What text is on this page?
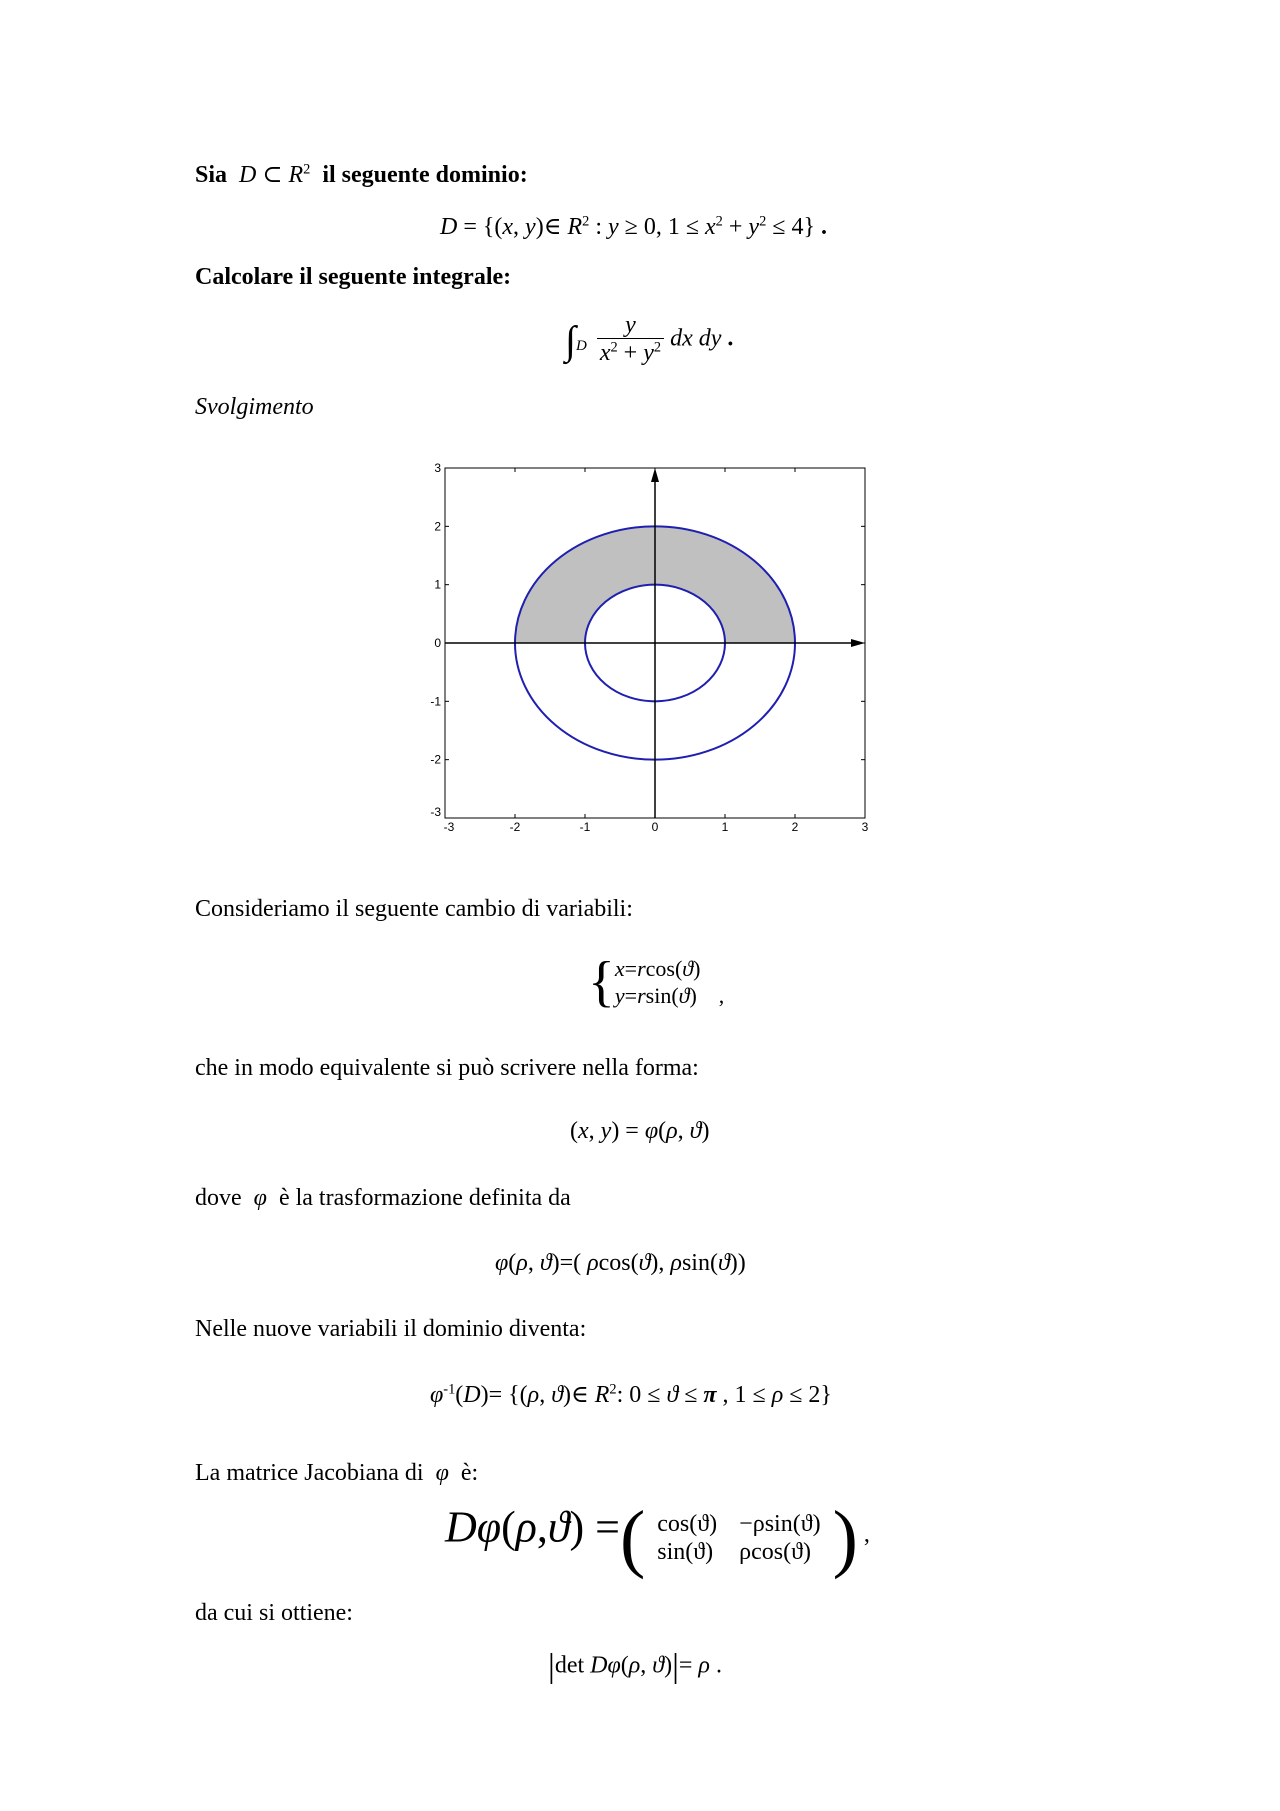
Sia  D ⊂ $R^2$ il seguente dominio:
D = {(x, y)∈ $R^2$ : y ≥ 0, $1 \le x^2 + y^2 \le 4$} .
Calcolare il seguente integrale:
$\int_D \frac{y}{x^2 + y^2}$ dx dy .
Svolgimento
-3	-2	-1	0	1	2	3
3
2
1
0
-1
-2
-3
Consideriamo il seguente cambio di variabili:
{ x=rcos(ϑ)
y=rsin(ϑ) ,
che in modo equivalente si può scrivere nella forma:
(x, y) = φ(ρ, ϑ)
dove  φ  è la trasformazione definita da
φ(ρ, ϑ)=( ρcos(ϑ), ρsin(ϑ))
Nelle nuove variabili il dominio diventa:
$\varphi^{-1}(D)= \{(\rho$, ϑ)∈ $R^2$: 0 ≤ ϑ ≤ π , 1 ≤ ρ ≤ 2}
La matrice Jacobiana di  φ  è:
Dφ(ρ,ϑ) =( cos(ϑ)	−ρsin(ϑ)
sin(ϑ)	ρcos(ϑ) ) ,
da cui si ottiene:
|det Dφ(ρ, ϑ)|= ρ .
